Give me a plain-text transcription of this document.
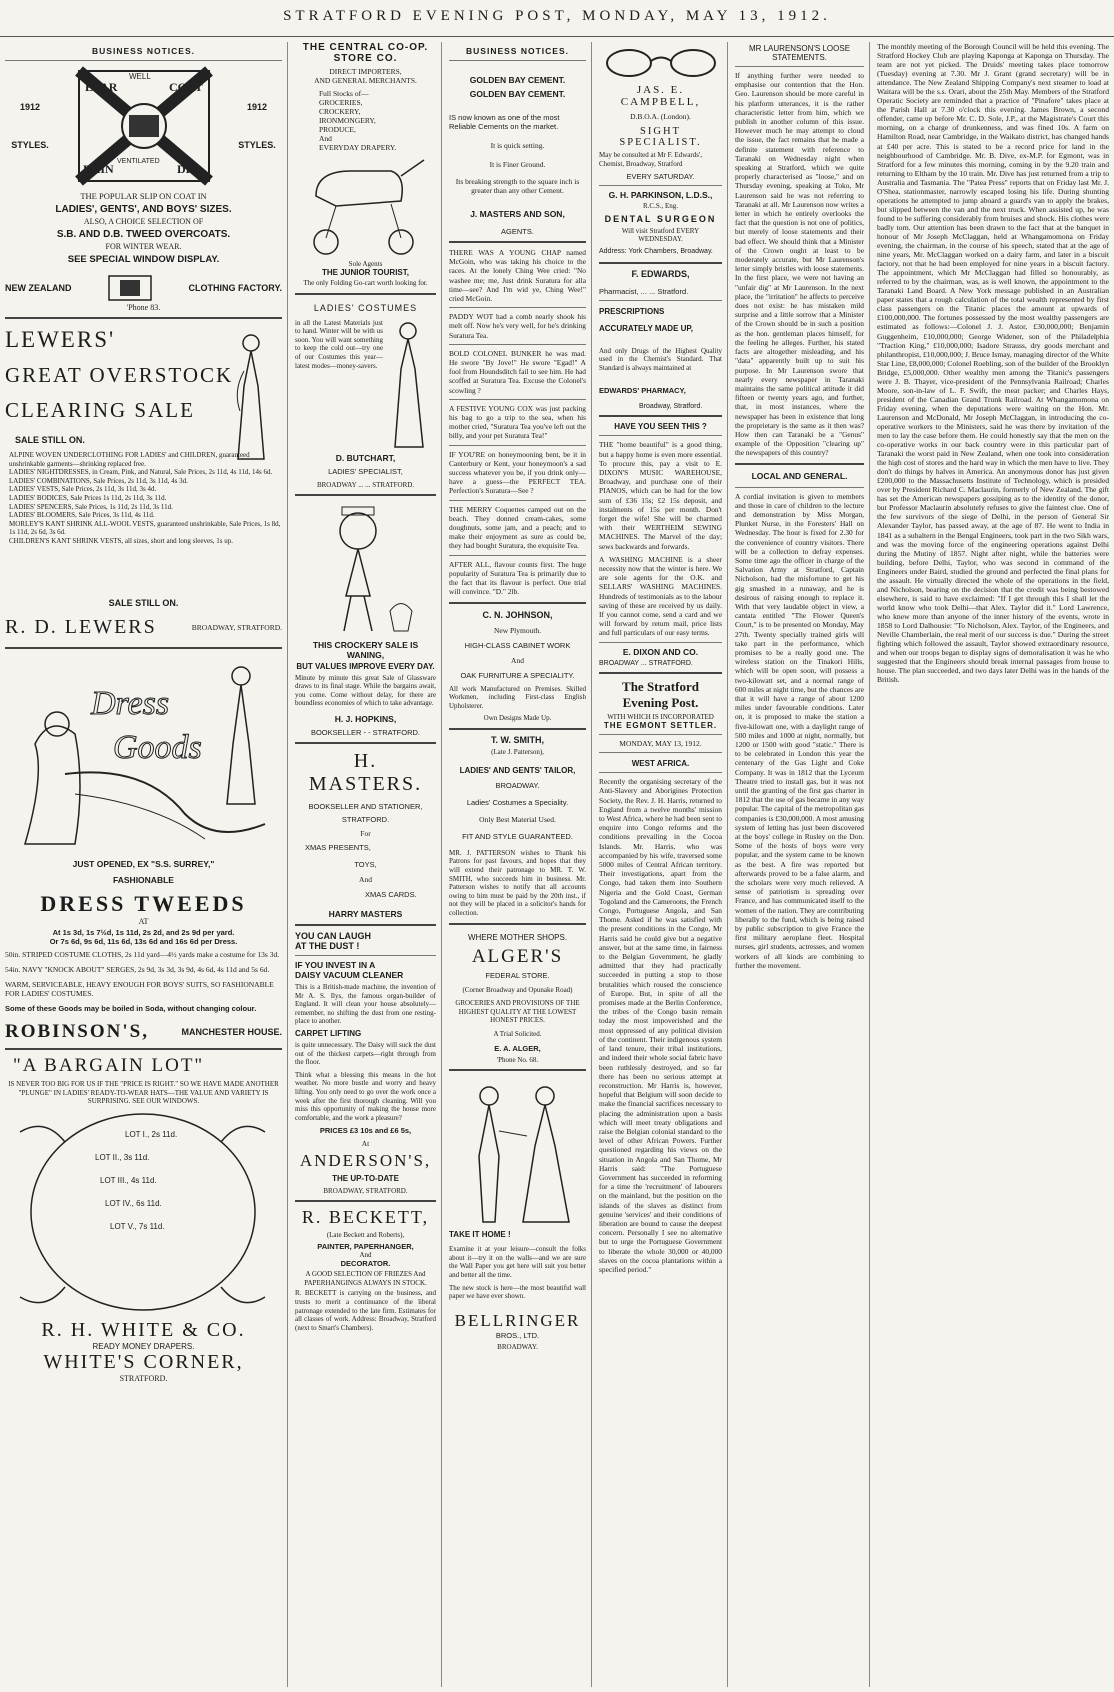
STRATFORD EVENING POST, MONDAY, MAY 13, 1912.
BUSINESS NOTICES.
1912
STYLES.
EVAR	COAT
RAIN	DRI
WELL
VENTILATED
1912
STYLES.
THE POPULAR SLIP ON COAT IN
LADIES', GENTS', AND BOYS' SIZES.
ALSO, A CHOICE SELECTION OF
S.B. AND D.B. TWEED OVERCOATS.
FOR WINTER WEAR.
SEE SPECIAL WINDOW DISPLAY.
NEW ZEALAND	CLOTHING FACTORY.
'Phone 83.
LEWERS'
GREAT OVERSTOCK
CLEARING SALE
SALE STILL ON.
ALPINE WOVEN UNDERCLOTHING FOR LADIES' and CHILDREN, guaranteed unshrinkable garments—shrinking replaced free.
LADIES' NIGHTDRESSES, in Cream, Pink, and Natural, Sale Prices, 2s 11d, 4s 11d, 14s 6d.
LADIES' COMBINATIONS, Sale Prices, 2s 11d, 3s 11d, 4s 3d.
LADIES' VESTS, Sale Prices, 2s 11d, 3s 11d, 3s 4d.
LADIES' BODICES, Sale Prices 1s 11d, 2s 11d, 3s 11d.
LADIES' SPENCERS, Sale Prices, 1s 11d, 2s 11d, 3s 11d.
LADIES' BLOOMERS, Sale Prices, 3s 11d, 4s 11d.
MORLEY'S KANT SHRINK ALL-WOOL VESTS, guaranteed unshrinkable, Sale Prices, 1s 8d, 1s 11d, 2s 6d, 3s 6d.
CHILDREN'S KANT SHRINK VESTS, all sizes, short and long sleeves, 1s up.
SALE STILL ON.
R. D. LEWERS	BROADWAY, STRATFORD.
Dress
Goods
JUST OPENED, EX "S.S. SURREY,"
FASHIONABLE
DRESS TWEEDS
AT
At 1s 3d, 1s 7½d, 1s 11d, 2s 2d, and 2s 9d per yard.
Or 7s 6d, 9s 6d, 11s 6d, 13s 6d and 16s 6d per Dress.
50in. STRIPED COSTUME CLOTHS, 2s 11d yard—4½ yards make a costume for 13s 3d.
54in. NAVY "KNOCK ABOUT" SERGES, 2s 9d, 3s 3d, 3s 9d, 4s 6d, 4s 11d and 5s 6d.
WARM, SERVICEABLE, HEAVY ENOUGH FOR BOYS' SUITS, SO FASHIONABLE FOR LADIES' COSTUMES.
Some of these Goods may be boiled in Soda, without changing colour.
ROBINSON'S,	MANCHESTER HOUSE.
"A BARGAIN LOT"
IS NEVER TOO BIG FOR US IF THE "PRICE IS RIGHT." SO WE HAVE MADE ANOTHER "PLUNGE" IN LADIES' READY-TO-WEAR HATS—THE VALUE AND VARIETY IS SURPRISING. SEE OUR WINDOWS.
LOT I., 2s 11d.
LOT II., 3s 11d.
LOT III., 4s 11d.
LOT IV., 6s 11d.
LOT V., 7s 11d.
R. H. WHITE & CO.
READY MONEY DRAPERS.
WHITE'S CORNER,
STRATFORD.
THE CENTRAL CO-OP.
STORE CO.
DIRECT IMPORTERS,
AND GENERAL MERCHANTS.
Full Stocks of—
GROCERIES,
CROCKERY,
IRONMONGERY,
PRODUCE,
And
EVERYDAY DRAPERY.
Sole Agents
THE JUNIOR TOURIST,
The only Folding Go-cart worth looking for.
LADIES' COSTUMES
in all the Latest Materials just to hand. Winter will be with us soon. You will want something to keep the cold out—try one of our Costumes this year—latest modes—money-savers.
D. BUTCHART,
LADIES' SPECIALIST,
BROADWAY ... ... STRATFORD.
THIS CROCKERY SALE IS WANING,
BUT VALUES IMPROVE EVERY DAY.
Minute by minute this great Sale of Glassware draws to its final stage. While the bargains await, you come. Come without delay, for there are boundless economies of which to take advantage.
H. J. HOPKINS,
BOOKSELLER - - STRATFORD.
H. MASTERS.
BOOKSELLER AND STATIONER,
STRATFORD.
For
XMAS PRESENTS,
TOYS,
And
XMAS CARDS.
HARRY MASTERS
YOU CAN LAUGH
AT THE DUST !
IF YOU INVEST IN A
DAISY VACUUM CLEANER
This is a British-made machine, the invention of Mr A. S. Ilys, the famous organ-builder of England. It will clean your house absolutely—remember, no shifting the dust from one resting-place to another.
CARPET LIFTING
is quite unnecessary. The Daisy will suck the dust out of the thickest carpets—right through from the floor.
Think what a blessing this means in the hot weather. No more bustle and worry and heavy lifting. You only need to go over the work once a week after the first thorough cleaning. Will you miss this opportunity of making the house more comfortable, and the work a pleasure?
PRICES £3 10s and £6 5s,
At
ANDERSON'S,
THE UP-TO-DATE
BROADWAY, STRATFORD.
R. BECKETT,
(Late Beckett and Roberts),
PAINTER, PAPERHANGER,
And
DECORATOR.
A GOOD SELECTION OF FRIEZES And PAPERHANGINGS ALWAYS IN STOCK.
R. BECKETT is carrying on the business, and trusts to merit a continuance of the liberal patronage extended to the late firm. Estimates for all classes of work. Address: Broadway, Stratford (next to Smart's Chambers).
BUSINESS NOTICES.
GOLDEN BAY CEMENT.
GOLDEN BAY CEMENT.
IS now known as one of the most Reliable Cements on the market.
It is quick setting.
It is Finer Ground.
Its breaking strength to the square inch is greater than any other Cement.
J. MASTERS AND SON,
AGENTS.

THERE WAS A YOUNG CHAP named McGoin, who was taking his choice to the races. At the lonely Ching Wee cried: "No washee me; me, Just drink Suratura for alla time—see? And I'm wid ye, Ching Wee!" cried McGoin.

PADDY WOT had a comb nearly shook his melt off. Now he's very well, for he's drinking Suratura Tea.

BOLD COLONEL BUNKER he was mad. He swore "By Jove!" He swore "Egad!" A fool from Houndsditch fail to see him. He had scoffed at Suratura Tea. Excuse the Colonel's scowling ?

A FESTIVE YOUNG COX was just packing his bag to go a trip to the sea, when his mother cried, "Suratura Tea you've left out the billy, and your pet Suratura Tea!"

IF YOU'RE on honeymooning bent, be it in Canterbury or Kent, your honeymoon's a sad success whatever you be, if you drink only—have a guess—the PERFECT TEA. Perfection's Suratura—See ?

THE MERRY Coquettes camped out on the beach. They donned cream-cakes, some doughnuts, some jam, and a peach; and to make their enjoyment as sure as could be, they had bought Suratura, the exquisite Tea.

AFTER ALL, flavour counts first. The huge popularity of Suratura Tea is primarily due to the fact that its flavour is perfect. One trial will convince. "D." 2lb.

C. N. JOHNSON,
New Plymouth.
HIGH-CLASS CABINET WORK
And
OAK FURNITURE A SPECIALITY.
All work Manufactured on Premises. Skilled Workmen, including First-class English Upholsterer.
Own Designs Made Up.
T. W. SMITH,
(Late J. Patterson),
LADIES' AND GENTS' TAILOR,
BROADWAY.
Ladies' Costumes a Speciality.
Only Best Material Used.
FIT AND STYLE GUARANTEED.
MR. J. PATTERSON wishes to Thank his Patrons for past favours, and hopes that they will extend their patronage to MR. T. W. SMITH, who succeeds him in business. Mr. Patterson wishes to notify that all accounts owing to him must be paid by the 20th inst., if not they will be placed in a solicitor's hands for collection.
WHERE MOTHER SHOPS.
ALGER'S
FEDERAL STORE.
(Corner Broadway and Opunake Road)
GROCERIES AND PROVISIONS OF THE HIGHEST QUALITY AT THE LOWEST HONEST PRICES.
A Trial Solicited.
E. A. ALGER,
'Phone No. 68.
TAKE IT HOME !
Examine it at your leisure—consult the folks about it—try it on the walls—and we are sure the Wall Paper you get here will suit you better and better all the time.
The new stock is here—the most beautiful wall paper we have ever shown.
BELLRINGER
BROS., LTD.
BROADWAY.
JAS. E. CAMPBELL,
D.B.O.A. (London).
SIGHT SPECIALIST.
May be consulted at Mr F. Edwards', Chemist, Broadway, Stratford
EVERY SATURDAY.
G. H. PARKINSON, L.D.S.,
R.C.S., Eng.
DENTAL SURGEON
Will visit Stratford EVERY WEDNESDAY.
Address: York Chambers, Broadway.
F. EDWARDS,
Pharmacist, ... ... Stratford.
PRESCRIPTIONS
ACCURATELY MADE UP,
And only Drugs of the Highest Quality used in the Chemist's Standard. That Standard is always maintained at
EDWARDS' PHARMACY,
Broadway, Stratford.
HAVE YOU SEEN THIS ?
THE "home beautiful" is a good thing, but a happy home is even more essential. To procure this, pay a visit to E. DIXON'S MUSIC WAREHOUSE, Broadway, and purchase one of their PIANOS, which can be had for the low sum of £36 15s; £2 15s deposit, and instalments of 15s per month. Don't forget the wife! She will be charmed with their WERTHEIM SEWING MACHINES. The Marvel of the day; sews backwards and forwards.
A WASHING MACHINE is a sheer necessity now that the winter is here. We are sole agents for the O.K. and SELLARS' WASHING MACHINES. Hundreds of testimonials as to the labour saving of these are received by us daily. If you cannot come, send a card and we will forward by return mail, price lists and full particulars of our easy terms.
E. DIXON AND CO.
BROADWAY ... STRATFORD.
The Stratford Evening Post.
WITH WHICH IS INCORPORATED
THE EGMONT SETTLER.
MONDAY, MAY 13, 1912.
WEST AFRICA.
Recently the organising secretary of the Anti-Slavery and Aborigines Protection Society, the Rev. J. H. Harris, returned to England from a twelve months' mission to West Africa, where he had been sent to enquire into Congo reforms and the conditions prevailing in the Cocoa Islands. Mr. Harris, who was accompanied by his wife, traversed some 5000 miles of Central African territory. Their investigations, apart from the Congo, had taken them into Southern Nigeria and the Gold Coast, German Togoland and the Cameroons, the French Congo, Portuguese Angola, and San Thome. Asked if he was satisfied with the present conditions in the Congo, Mr Harris said he could give but a negative answer, but at the same time, in fairness to the Belgian Government, he gladly admitted that they had practically succeeded in putting a stop to those brutalities which roused the conscience of Europe. But, in spite of all the promises made at the Berlin Conference, the tribes of the Congo basin remain today the most impoverished and the most oppressed of any political division of the continent. Their indigenous system of land tenure, their tribal institutions, and indeed their whole social fabric have been ruthlessly destroyed, and so far there has been no serious attempt at reconstruction. Mr Harris is, however, hopeful that Belgium will soon decide to make the financial sacrifices necessary to placing the administration upon a basis which will meet treaty obligations and raise the Belgian colonial standard to the level of other African Powers. Further questioned regarding his views on the situation in Angola and San Thome, Mr Harris said: "The Portuguese Government has succeeded in reforming for a time the 'recruitment' of labourers on the mainland, but the position on the islands of the slaves as distinct from genuine 'services' and their conditions of liberation are bound to cause the deepest concern. Personally I see no alternative but to urge the Portuguese Government to liberate the whole 30,000 or 40,000 slaves on the cocoa plantations within a specified period."
MR LAURENSON'S LOOSE STATEMENTS.
If anything further were needed to emphasise our contention that the Hon. Geo. Laurenson should be more careful in his platform utterances, it is the rather characteristic letter from him, which we publish in another column of this issue. However much he may attempt to cloud the issue, the fact remains that he made a definite statement with reference to Taranaki on Wednesday night when speaking at Stratford, which we quite properly characterised as "loose," and on Thursday evening, speaking at Toko, Mr Laurenson said he was not referring to Taranaki at all. Mr Laurenson now writes a letter in which he entirely overlooks the fact that the question is not one of politics, but merely of loose statements and their bad effect. We should think that a Minister of the Crown ought at least to be moderately accurate, but Mr Laurenson's letter simply bristles with loose statements. In the first place, we were not having an "unfair dig" at Mr Laurenson. In the next place, the "irritation" he affects to perceive does not exist: he has mistaken mild surprise and a little sorrow that a Minister of the Crown should be in such a position as the hon. gentleman places himself, for the feeling he alleges. Further, his stated facts are altogether misleading, and his "data" apparently built up to suit his purpose. In Mr Laurenson swore that nearly every newspaper in Taranaki maintains the same political attitude it did fifteen or twenty years ago, and further, that, in most instances, where the newspaper has been in existence that long the proprietary is the same as it then was? How then can Taranaki be a "Genus" example of the Opposition "clearing up" the newspapers of this country?
LOCAL AND GENERAL.
A cordial invitation is given to members and those in care of children to the lecture and demonstration by Miss Morgan, Plunket Nurse, in the Foresters' Hall on Wednesday. The hour is fixed for 2.30 for the convenience of country visitors. There will be a collection to defray expenses. Some time ago the officer in charge of the Salvation Army at Stratford, Captain Nicholson, had the misfortune to get his gig smashed in a runaway, and he is desirous of raising enough to replace it. With that very laudable object in view, a cantata entitled "The Flower Queen's Court," is to be presented on Monday, May 27th. Twenty specially trained girls will take part in the performance, which promises to be a really good one. The wireless station on the Tinakori Hills, which will be open soon, will possess a two-kilowatt set, and a normal range of 600 miles at night time, but the chances are that it will have a range of about 1200 miles under favourable conditions. Later on, it is proposed to make the station a five-kilowatt one, with a daylight range of 500 miles and 1000 at night, normally, but 1200 or 1500 with good "static." There is to be celebrated in London this year the centenary of the Gas Light and Coke Company. It was in 1812 that the Lyceum Theatre tried to install gas, but it was not until the granting of the first gas charter in 1812 that the use of gas became in any way popular. The capital of the metropolitan gas companies is £30,000,000. A most amusing system of letting has just been discovered at the boys' college in Rusley on the Don. Some of the hosts of boys were very popular, and the system came to be known as the best. A fire was reported but afterwards proved to be a false alarm, and the scholars were very much relieved. A sense of patriotism is spreading over France, and has communicated itself to the women of the nation. They are contributing liberally to the fund, which is being raised by public subscription to give France the first military aeroplane fleet. Hospital nurses, girl students, actresses, and women workers of all kinds are combining to further the movement.
The monthly meeting of the Borough Council will be held this evening. The Stratford Hockey Club are playing Kaponga at Kaponga on Thursday. The team are not yet picked. The Druids' meeting takes place tomorrow (Tuesday) evening at 7.30. Mr J. Grant (grand secretary) will be in attendance. The New Zealand Shipping Company's next steamer to load at Waitara will be the s.s. Orari, about the 25th May. Members of the Stratford Operatic Society are reminded that a practice of "Pinafore" takes place at the Parish Hall at 7.30 o'clock this evening. James Brown, a second offender, came up before Mr. C. D. Sole, J.P., at the Magistrate's Court this morning, on a charge of drunkenness, and was fined 10s. A farm on Hamilton Road, near Cambridge, in the Waikato district, has changed hands at £40 per acre. This is stated to be a record price for land in the neighbourhood of Cambridge. Mr. B. Dive, ex-M.P. for Egmont, was in Stratford for a few minutes this morning, coming in by the 9.20 train and returning to Eltham by the 10 train. Mr. Dive has just returned from a trip to Australia and Tasmania. The "Patea Press" reports that on Friday last Mr. J. O'Shea, stationmaster, narrowly escaped losing his life. During shunting operations he attempted to jump aboard a guard's van to apply the brakes, but slipped between the van and the next truck. When assisted up, he was found to be suffering considerably from bruises and shock. His clothes were badly torn. Our attention has been drawn to the fact that at the banquet in honour of Mr Joseph McClaggan, held at Whangamomona on Friday evening, the chairman, in the course of his speech, stated that at the age of nine years, Mr. McClaggan worked on a dairy farm, and later in a biscuit factory, not that he had been employed for nine years in a biscuit factory. The appointment, which Mr McClaggan had filled so honourably, as referred to by the chairman, was, as is well known, the appointment to the Taranaki Land Board. A New York message published in an Australian paper states that a rough calculation of the total wealth represented by first class passengers on the Titanic places the amount at upwards of £100,000,000. The fortunes possessed by the most wealthy passengers are estimated as follows:—Colonel J. J. Astor, £30,000,000; Benjamin Guggenheim, £10,000,000; George Widener, son of the Philadelphia "Traction King," £10,000,000; Isadore Strauss, dry goods merchant and philanthropist, £10,000,000; J. Bruce Ismay, managing director of the White Star Line, £8,000,000; Colonel Roebling, son of the builder of the Brooklyn Bridge, £5,000,000. Other wealthy men among the Titanic's passengers were J. B. Thayer, vice-president of the Pennsylvania Railroad; Charles Moore, son-in-law of L. F. Swift, the meat packer; and Charles Hays, president of the Canadian Grand Trunk Railroad. At Whangamomona on Friday evening, when the deputations were waiting on the Hon. Mr. Laurenson and McDonald, Mr Joseph McClaggan, in introducing the co-operative workers to the Ministers, said he was there by invitation of the men to lay the case before them. He could honestly say that the men on the co-operative works in our back country were in this particular part of Taranaki the worst paid in New Zealand, when one took into consideration the high cost of stores and the hard way in which the men have to live. They don't do things by halves in America. An anonymous donor has just given £200,000 to the Massachusetts Institute of Technology, which is presided over by President Richard C. Maclaurin, formerly of New Zealand. The gift has set the American newspapers gossiping as to the identity of the donor, but Professor Maclaurin absolutely refuses to give the faintest clue. One of the few survivors of the siege of Delhi, in the person of General Sir Alexander Taylor, has passed away, at the age of 87. He went to India in 1841 as a subaltern in the Bengal Engineers, took part in the two Sikh wars, and was the moving force of the engineering operations against Delhi during the Mutiny of 1857. Night after night, while the batteries were building, before Delhi, Taylor, who was second in command of the Engineers under Baird, studied the ground and perfected the final plans for the assault. He virtually directed the whole of the operations in the field, and Nicholson, bearing on the decision that the credit was being bestowed elsewhere, is said to have exclaimed: "If I get through this I shall let the world know who took Delhi—that Alex. Taylor did it." Lord Lawrence, who knew more than anyone of the inner history of the events, wrote in 1858 to Lord Dalhousie: "To Nicholson, Alex. Taylor, of the Engineers, and Neville Chamberlain, the real merit of our success is due." During the street fighting which followed the assault, Taylor showed extraordinary resource, and when our troops began to display signs of demoralisation it was he who suggested that the Engineers should break internal passages from house to house. The plan succeeded, and two days later Delhi was in the hands of the British.
